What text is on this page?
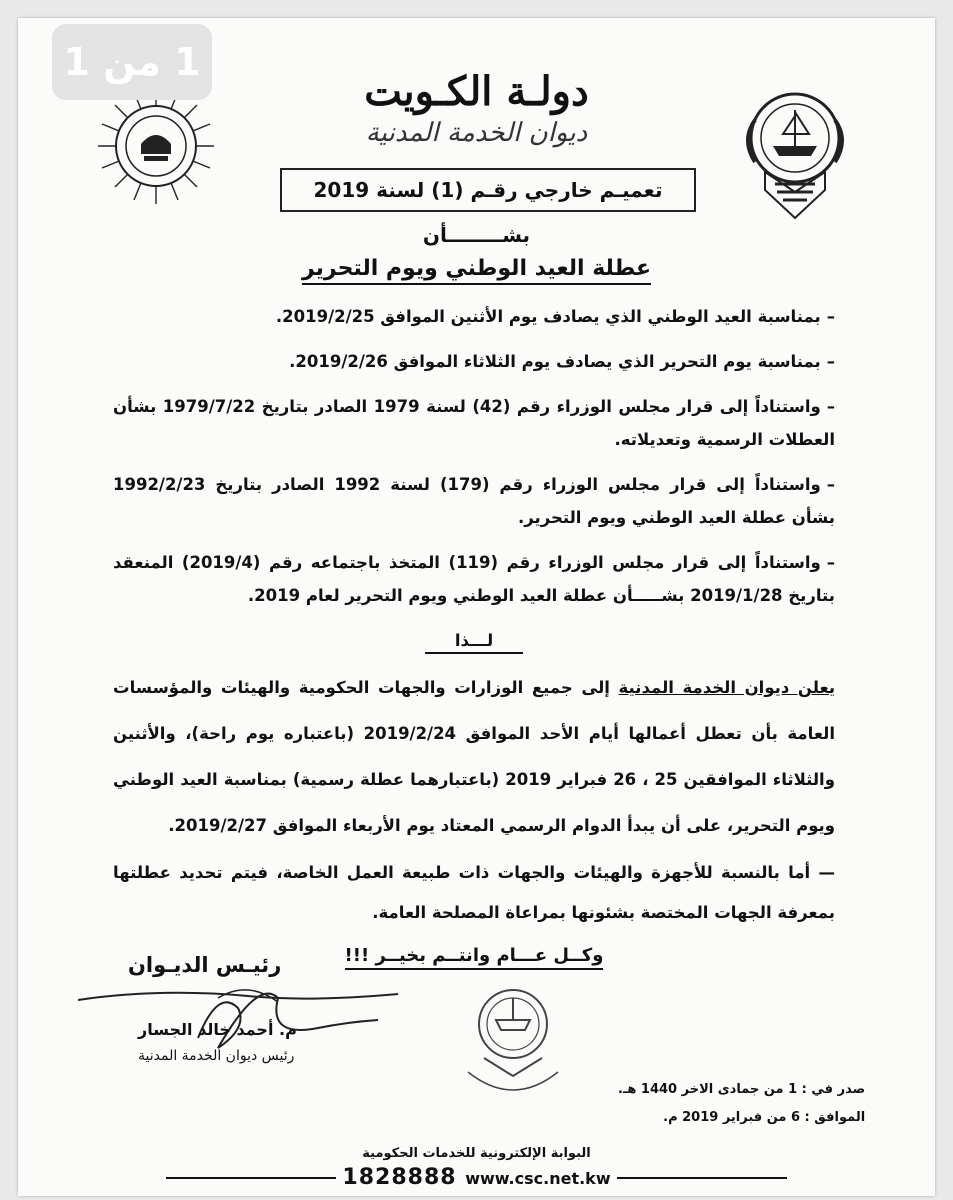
دولـة الكـويت
ديوان الخدمة المدنية
تعميـم خارجي رقـم (1) لسنة 2019
بشــــــــأن
عطلة العيد الوطني ويوم التحرير

–بمناسبة العيد الوطني الذي يصادف يوم الأثنين الموافق 2019/2/25.

–بمناسبة يوم التحرير الذي يصادف يوم الثلاثاء الموافق 2019/2/26.

–واستناداً إلى قرار مجلس الوزراء رقم (42) لسنة 1979 الصادر بتاريخ 1979/7/22 بشأن العطلات الرسمية وتعديلاته.

–واستناداً إلى قرار مجلس الوزراء رقم (179) لسنة 1992 الصادر بتاريخ 1992/2/23 بشأن عطلة العيد الوطني ويوم التحرير.

–واستناداً إلى قرار مجلس الوزراء رقم (119) المتخذ باجتماعه رقم (2019/4) المنعقد بتاريخ 2019/1/28 بشـــــأن عطلة العيد الوطني ويوم التحرير لعام 2019.

لـــذا

يعلن ديوان الخدمة المدنية إلى جميع الوزارات والجهات الحكومية والهيئات والمؤسسات العامة بأن تعطل أعمالها أيام الأحد الموافق 2019/2/24 (باعتباره يوم راحة)، والأثنين والثلاثاء الموافقين 25 ، 26 فبراير 2019 (باعتبارهما عطلة رسمية) بمناسبة العيد الوطني ويوم التحرير، على أن يبدأ الدوام الرسمي المعتاد يوم الأربعاء الموافق 2019/2/27.

— أما بالنسبة للأجهزة والهيئات والجهات ذات طبيعة العمل الخاصة، فيتم تحديد عطلتها بمعرفة الجهات المختصة بشئونها بمراعاة المصلحة العامة.

وكــل عـــام وانتــم بخيــر !!!
رئيـس الديـوان
م. أحمد خالد الجسار
رئيس ديوان الخدمة المدنية
صدر في : 1 من جمادى الاخر 1440 هـ.
الموافق : 6 من فبراير 2019 م.
البوابة الإلكترونية للخدمات الحكومية
1828888 www.csc.net.kw
1 من 1
